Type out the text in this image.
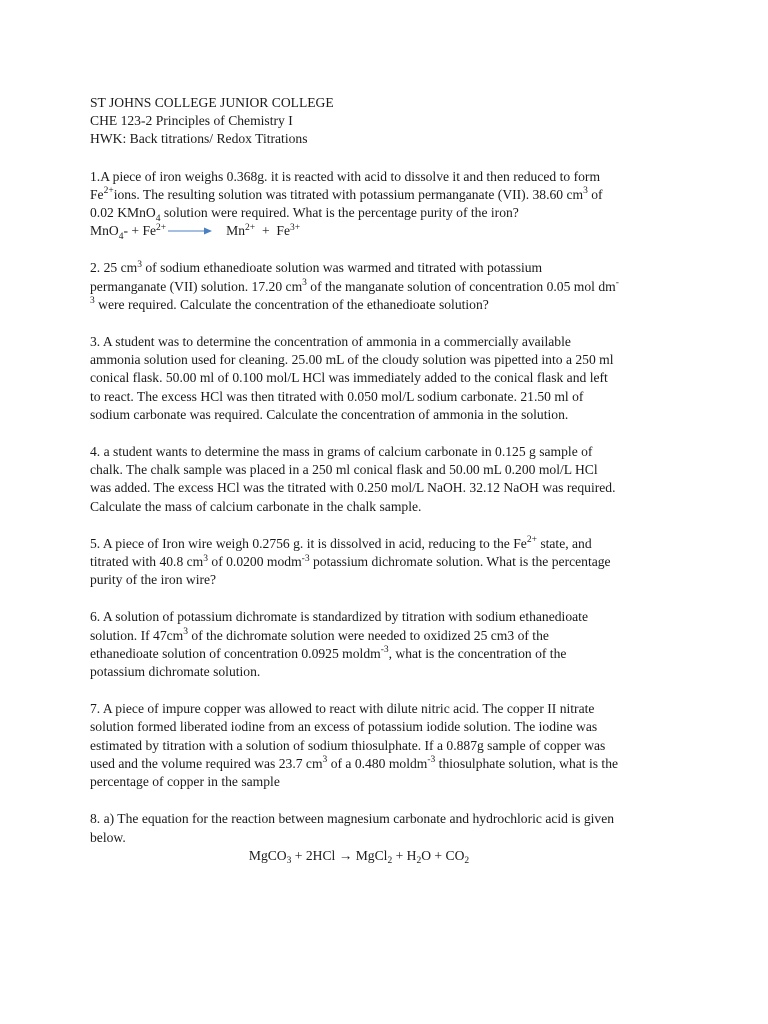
ST JOHNS COLLEGE JUNIOR COLLEGE

CHE 123-2 Principles of Chemistry I

HWK: Back titrations/ Redox Titrations

1.A piece of iron weighs 0.368g. it is reacted with acid to dissolve it and then reduced to form
$Fe^{2+}ions$. The resulting solution was titrated with potassium permanganate (VII). 38.60 $cm^3$ of
0.02 KMnO$_4$ solution were required. What is the percentage purity of the iron?
$MnO_4- + Fe^{2+} \to Mn^{2+} + Fe^{3+}$
2. 25 $cm^3$ of sodium ethanedioate solution was warmed and titrated with potassium
permanganate (VII) solution. 17.20 $cm^3$ of the manganate solution of concentration 0.05 mol dm-
$^3$ were required. Calculate the concentration of the ethanedioate solution?
3. A student was to determine the concentration of ammonia in a commercially available
ammonia solution used for cleaning. 25.00 mL of the cloudy solution was pipetted into a 250 ml
conical flask. 50.00 ml of 0.100 mol/L HCl was immediately added to the conical flask and left
to react. The excess HCl was then titrated with 0.050 mol/L sodium carbonate. 21.50 ml of
sodium carbonate was required. Calculate the concentration of ammonia in the solution.
4. a student wants to determine the mass in grams of calcium carbonate in 0.125 g sample of
chalk. The chalk sample was placed in a 250 ml conical flask and 50.00 mL 0.200 mol/L HCl
was added. The excess HCl was the titrated with 0.250 mol/L NaOH. 32.12 NaOH was required.
Calculate the mass of calcium carbonate in the chalk sample.
5. A piece of Iron wire weigh 0.2756 g. it is dissolved in acid, reducing to the $Fe^{2+}$ state, and
titrated with 40.8 $cm^3$ of 0.0200 modm$^{-3}$ potassium dichromate solution. What is the percentage
purity of the iron wire?
6. A solution of potassium dichromate is standardized by titration with sodium ethanedioate
solution. If $47cm^3$ of the dichromate solution were needed to oxidized 25 cm3 of the
ethanedioate solution of concentration 0.0925 moldm$^{-3}$, what is the concentration of the
potassium dichromate solution.
7. A piece of impure copper was allowed to react with dilute nitric acid. The copper II nitrate
solution formed liberated iodine from an excess of potassium iodide solution. The iodine was
estimated by titration with a solution of sodium thiosulphate. If a 0.887g sample of copper was
used and the volume required was 23.7 $cm^3$ of a 0.480 moldm$^{-3}$ thiosulphate solution, what is the
percentage of copper in the sample
8. a) The equation for the reaction between magnesium carbonate and hydrochloric acid is given
below.
MgCO$_3$ + 2HCl → MgCl$_2$ + $H_2O + CO_2$
